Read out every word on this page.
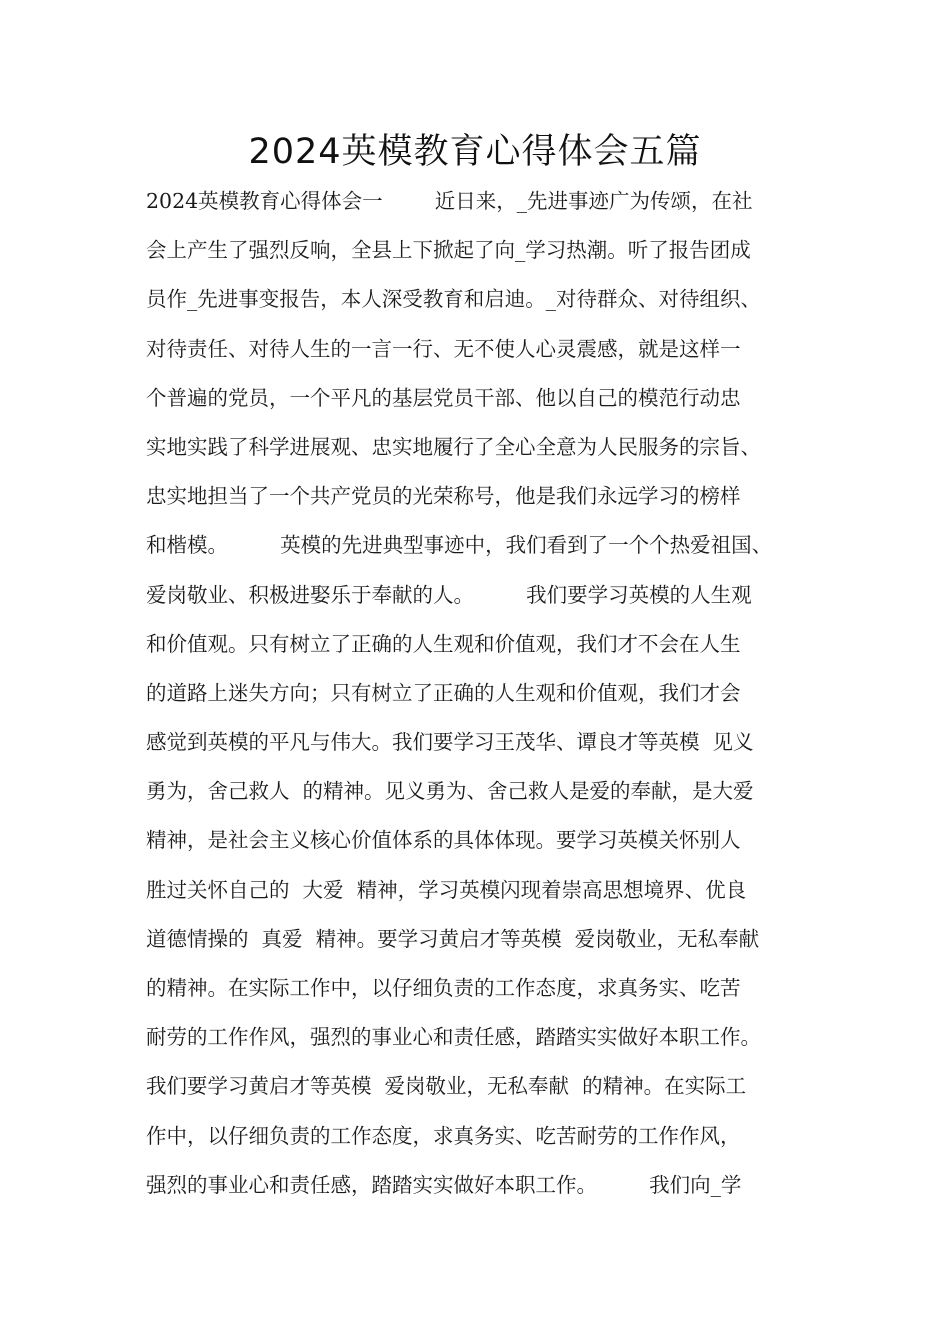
2024英模教育心得体会五篇
2024英模教育心得体会一        近日来，_先进事迹广为传颂，在社
会上产生了强烈反响，全县上下掀起了向_学习热潮。听了报告团成
员作_先进事变报告，本人深受教育和启迪。_对待群众、对待组织、
对待责任、对待人生的一言一行、无不使人心灵震感，就是这样一
个普遍的党员，一个平凡的基层党员干部、他以自己的模范行动忠
实地实践了科学进展观、忠实地履行了全心全意为人民服务的宗旨、
忠实地担当了一个共产党员的光荣称号，他是我们永远学习的榜样
和楷模。        英模的先进典型事迹中，我们看到了一个个热爱祖国、
爱岗敬业、积极进娶乐于奉献的人。        我们要学习英模的人生观
和价值观。只有树立了正确的人生观和价值观，我们才不会在人生
的道路上迷失方向；只有树立了正确的人生观和价值观，我们才会
感觉到英模的平凡与伟大。我们要学习王茂华、谭良才等英模  见义
勇为，舍己救人  的精神。见义勇为、舍己救人是爱的奉献，是大爱
精神，是社会主义核心价值体系的具体体现。要学习英模关怀别人
胜过关怀自己的  大爱  精神，学习英模闪现着崇高思想境界、优良
道德情操的  真爱  精神。要学习黄启才等英模  爱岗敬业，无私奉献
的精神。在实际工作中，以仔细负责的工作态度，求真务实、吃苦
耐劳的工作作风，强烈的事业心和责任感，踏踏实实做好本职工作。
我们要学习黄启才等英模  爱岗敬业，无私奉献  的精神。在实际工
作中，以仔细负责的工作态度，求真务实、吃苦耐劳的工作作风，
强烈的事业心和责任感，踏踏实实做好本职工作。        我们向_学
